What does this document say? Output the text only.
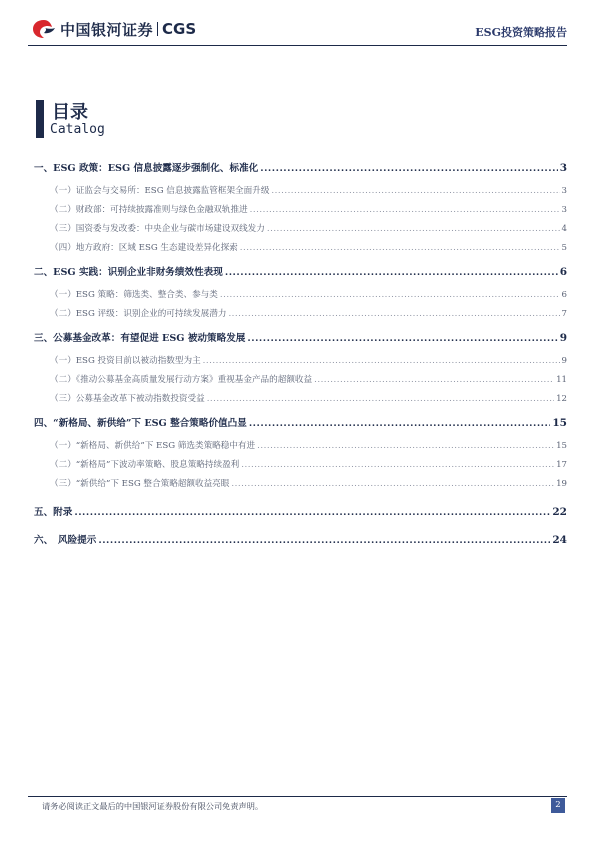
中国银河证券 CGS	ESG投资策略报告
目录
Catalog
一、ESG 政策：ESG 信息披露逐步强制化、标准化 .....	3
（一）证监会与交易所：ESG 信息披露监管框架全面升级 .....	3
（二）财政部：可持续披露准则与绿色金融双轨推进 .....	3
（三）国资委与发改委：中央企业与碳市场建设双线发力 .....	4
（四）地方政府：区域 ESG 生态建设差异化探索 .....	5
二、ESG 实践：识别企业非财务绩效性表现 .....	6
（一）ESG 策略：筛选类、整合类、参与类 .....	6
（二）ESG 评级：识别企业的可持续发展潜力 .....	7
三、公募基金改革：有望促进 ESG 被动策略发展 .....	9
（一）ESG 投资目前以被动指数型为主 .....	9
（二）《推动公募基金高质量发展行动方案》重视基金产品的超额收益 .....	11
（三）公募基金改革下被动指数投资受益 .....	12
四、“新格局、新供给”下 ESG 整合策略价值凸显 .....	15
（一）“新格局、新供给”下 ESG 筛选类策略稳中有进 .....	15
（二）“新格局”下波动率策略、股息策略持续盈利 .....	17
（三）“新供给”下 ESG 整合策略超额收益亮眼 .....	19
五、附录 .....	22
六、　风险提示 .....	24
请务必阅读正文最后的中国银河证券股份有限公司免责声明。	2
